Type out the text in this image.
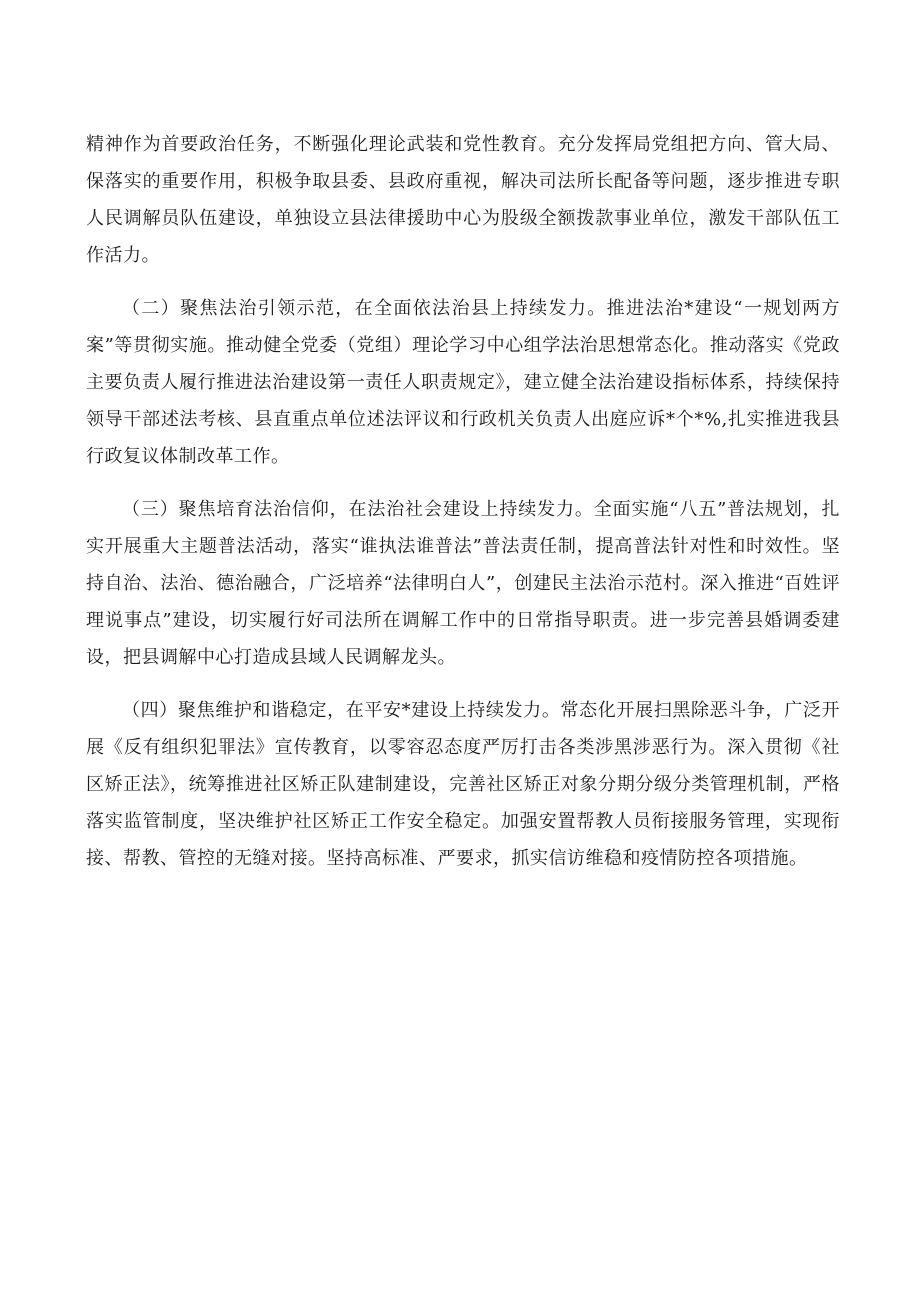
精神作为首要政治任务，不断强化理论武装和党性教育。充分发挥局党组把方向、管大局、保落实的重要作用，积极争取县委、县政府重视，解决司法所长配备等问题，逐步推进专职人民调解员队伍建设，单独设立县法律援助中心为股级全额拨款事业单位，激发干部队伍工作活力。

（二）聚焦法治引领示范，在全面依法治县上持续发力。推进法治*建设“一规划两方案”等贯彻实施。推动健全党委（党组）理论学习中心组学法治思想常态化。推动落实《党政主要负责人履行推进法治建设第一责任人职责规定》，建立健全法治建设指标体系，持续保持领导干部述法考核、县直重点单位述法评议和行政机关负责人出庭应诉*个*%,扎实推进我县行政复议体制改革工作。

（三）聚焦培育法治信仰，在法治社会建设上持续发力。全面实施“八五”普法规划，扎实开展重大主题普法活动，落实“谁执法谁普法”普法责任制，提高普法针对性和时效性。坚持自治、法治、德治融合，广泛培养“法律明白人”，创建民主法治示范村。深入推进“百姓评理说事点”建设，切实履行好司法所在调解工作中的日常指导职责。进一步完善县婚调委建设，把县调解中心打造成县域人民调解龙头。

（四）聚焦维护和谐稳定，在平安*建设上持续发力。常态化开展扫黑除恶斗争，广泛开展《反有组织犯罪法》宣传教育，以零容忍态度严厉打击各类涉黑涉恶行为。深入贯彻《社区矫正法》，统筹推进社区矫正队建制建设，完善社区矫正对象分期分级分类管理机制，严格落实监管制度，坚决维护社区矫正工作安全稳定。加强安置帮教人员衔接服务管理，实现衔接、帮教、管控的无缝对接。坚持高标准、严要求，抓实信访维稳和疫情防控各项措施。
